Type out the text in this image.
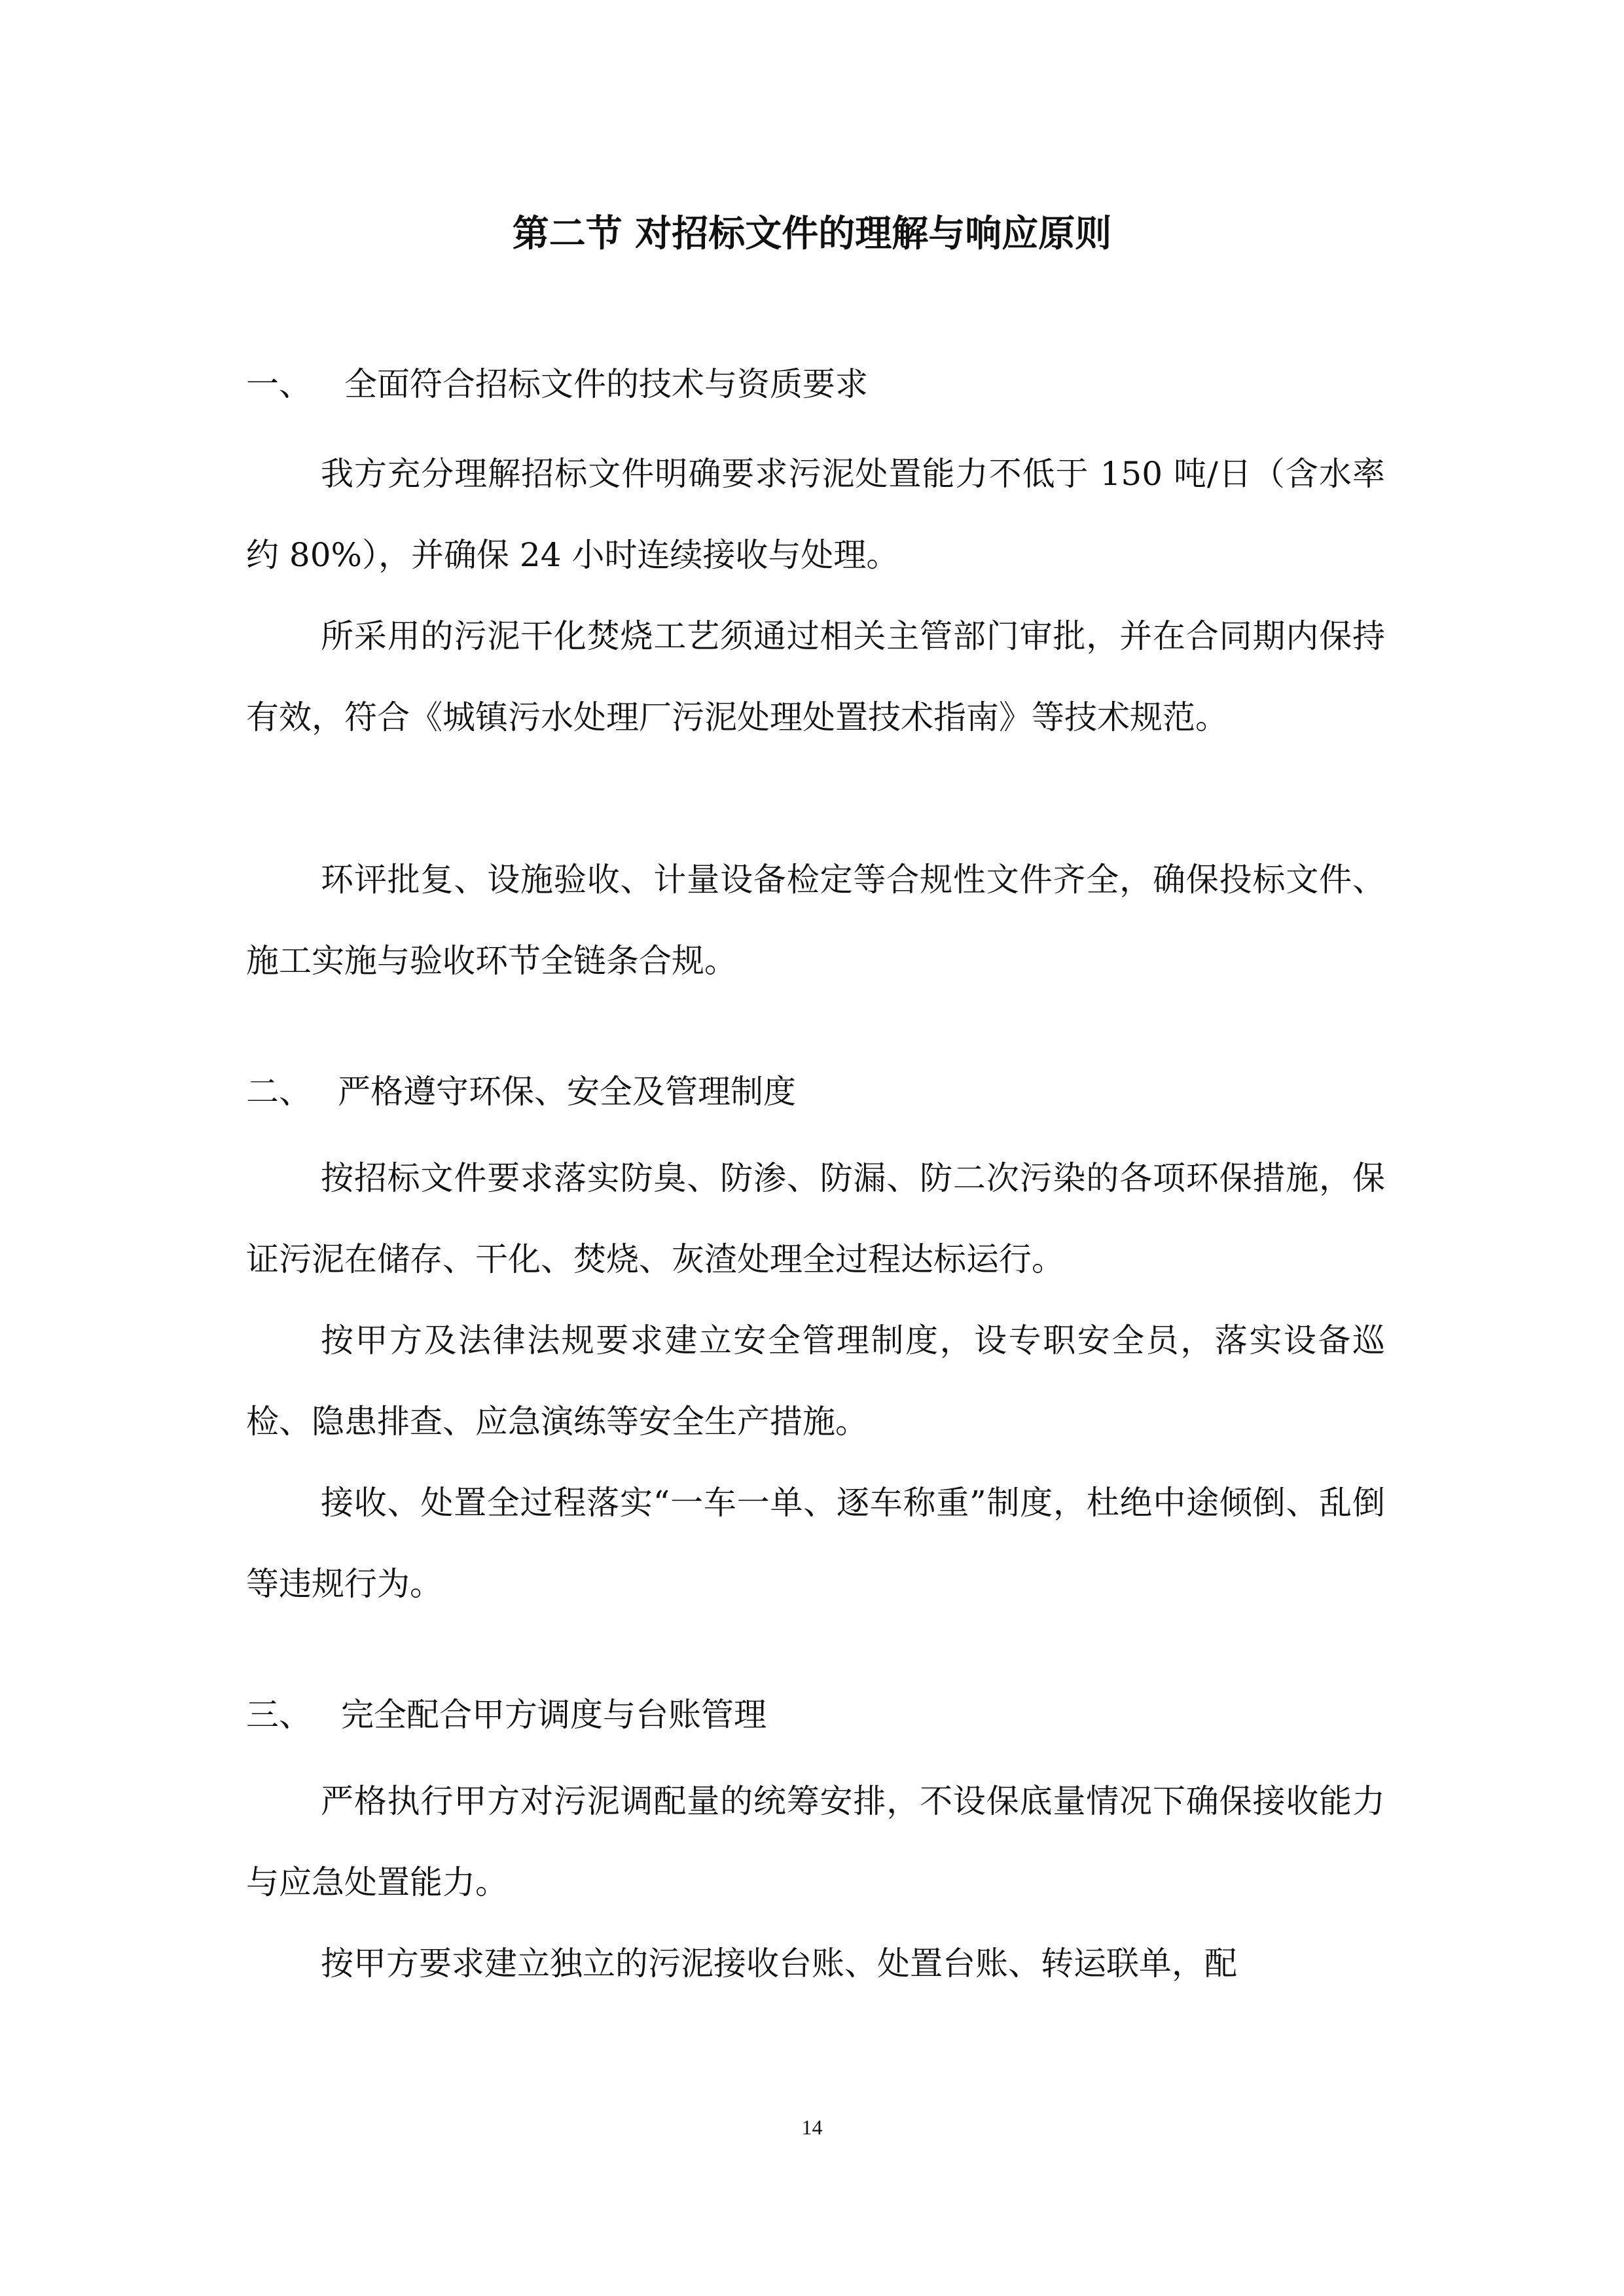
第二节 对招标文件的理解与响应原则
一、 全面符合招标文件的技术与资质要求

我方充分理解招标文件明确要求污泥处置能力不低于 150 吨/日（含水率约 80%），并确保 24 小时连续接收与处理。

所采用的污泥干化焚烧工艺须通过相关主管部门审批，并在合同期内保持有效，符合《城镇污水处理厂污泥处理处置技术指南》等技术规范。

环评批复、设施验收、计量设备检定等合规性文件齐全，确保投标文件、施工实施与验收环节全链条合规。

二、 严格遵守环保、安全及管理制度

按招标文件要求落实防臭、防渗、防漏、防二次污染的各项环保措施，保证污泥在储存、干化、焚烧、灰渣处理全过程达标运行。

按甲方及法律法规要求建立安全管理制度，设专职安全员，落实设备巡检、隐患排查、应急演练等安全生产措施。

接收、处置全过程落实“一车一单、逐车称重”制度，杜绝中途倾倒、乱倒等违规行为。

三、 完全配合甲方调度与台账管理

严格执行甲方对污泥调配量的统筹安排，不设保底量情况下确保接收能力与应急处置能力。

按甲方要求建立独立的污泥接收台账、处置台账、转运联单，配

14
